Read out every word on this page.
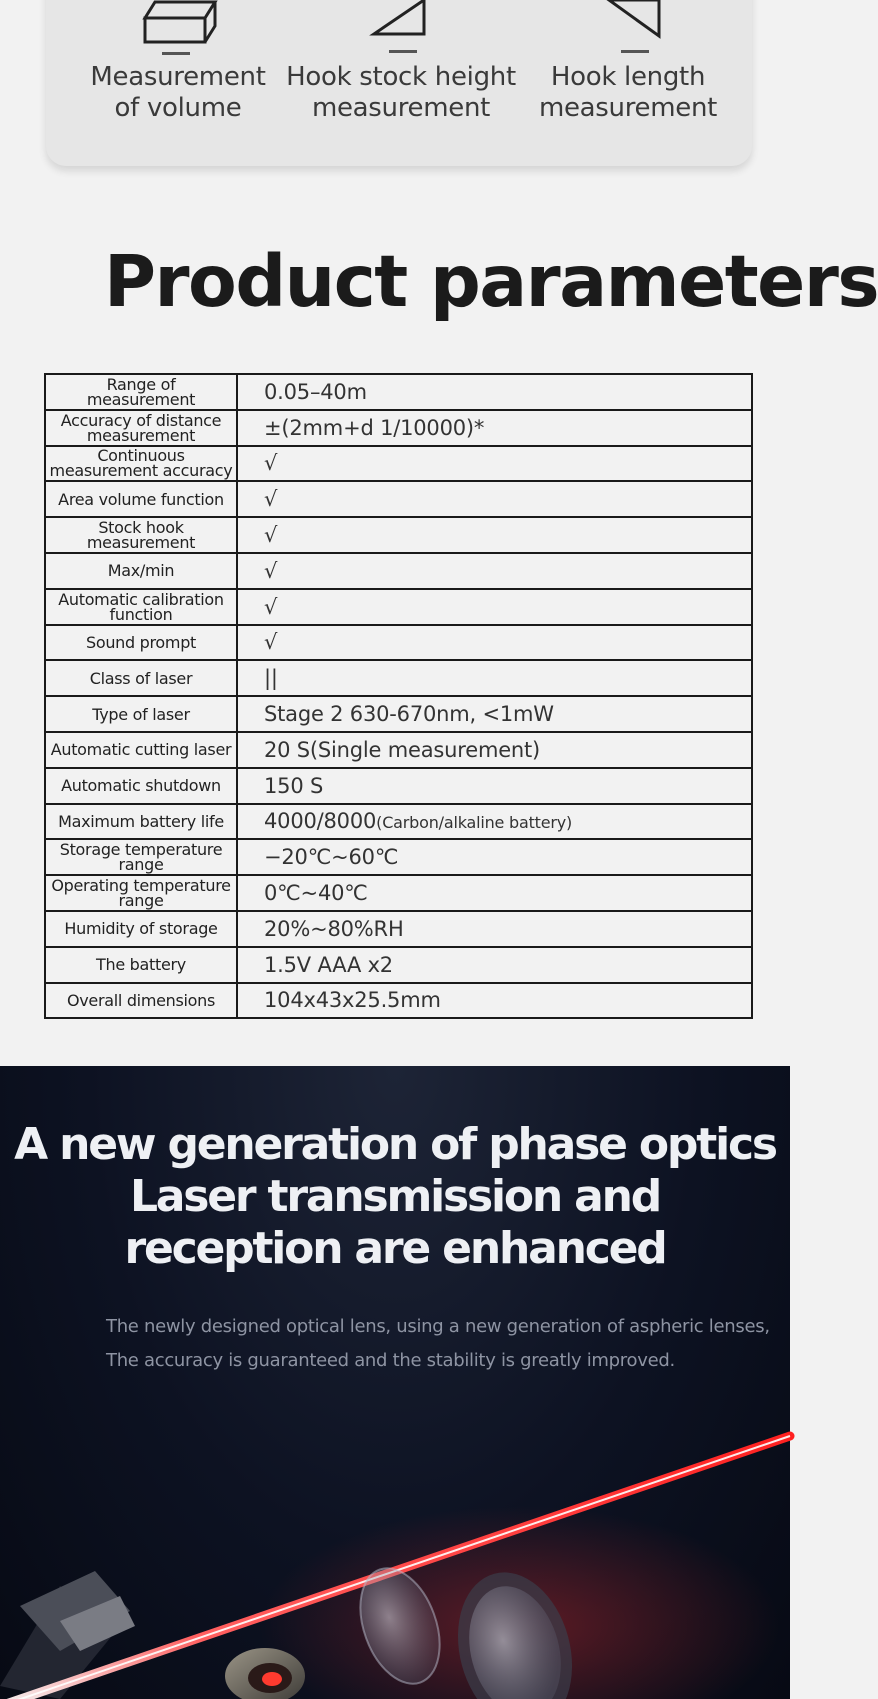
Measurement
of volume
Hook stock height
measurement
Hook length
measurement
Product parameters
Range of
measurement	0.05–40m
Accuracy of distance
measurement	±(2mm+d 1/10000)*
Continuous
measurement accuracy	√
Area volume function	√
Stock hook
measurement	√
Max/min	√
Automatic calibration
function	√
Sound prompt	√
Class of laser	||
Type of laser	Stage 2 630-670nm, <1mW
Automatic cutting laser	20 S(Single measurement)
Automatic shutdown	150 S
Maximum battery life	4000/8000(Carbon/alkaline battery)
Storage temperature
range	−20℃~60℃
Operating temperature
range	0℃~40℃
Humidity of storage	20%~80%RH
The battery	1.5V AAA x2
Overall dimensions	104x43x25.5mm
A new generation of phase optics
Laser transmission and
reception are enhanced
The newly designed optical lens, using a new generation of aspheric lenses,
The accuracy is guaranteed and the stability is greatly improved.
